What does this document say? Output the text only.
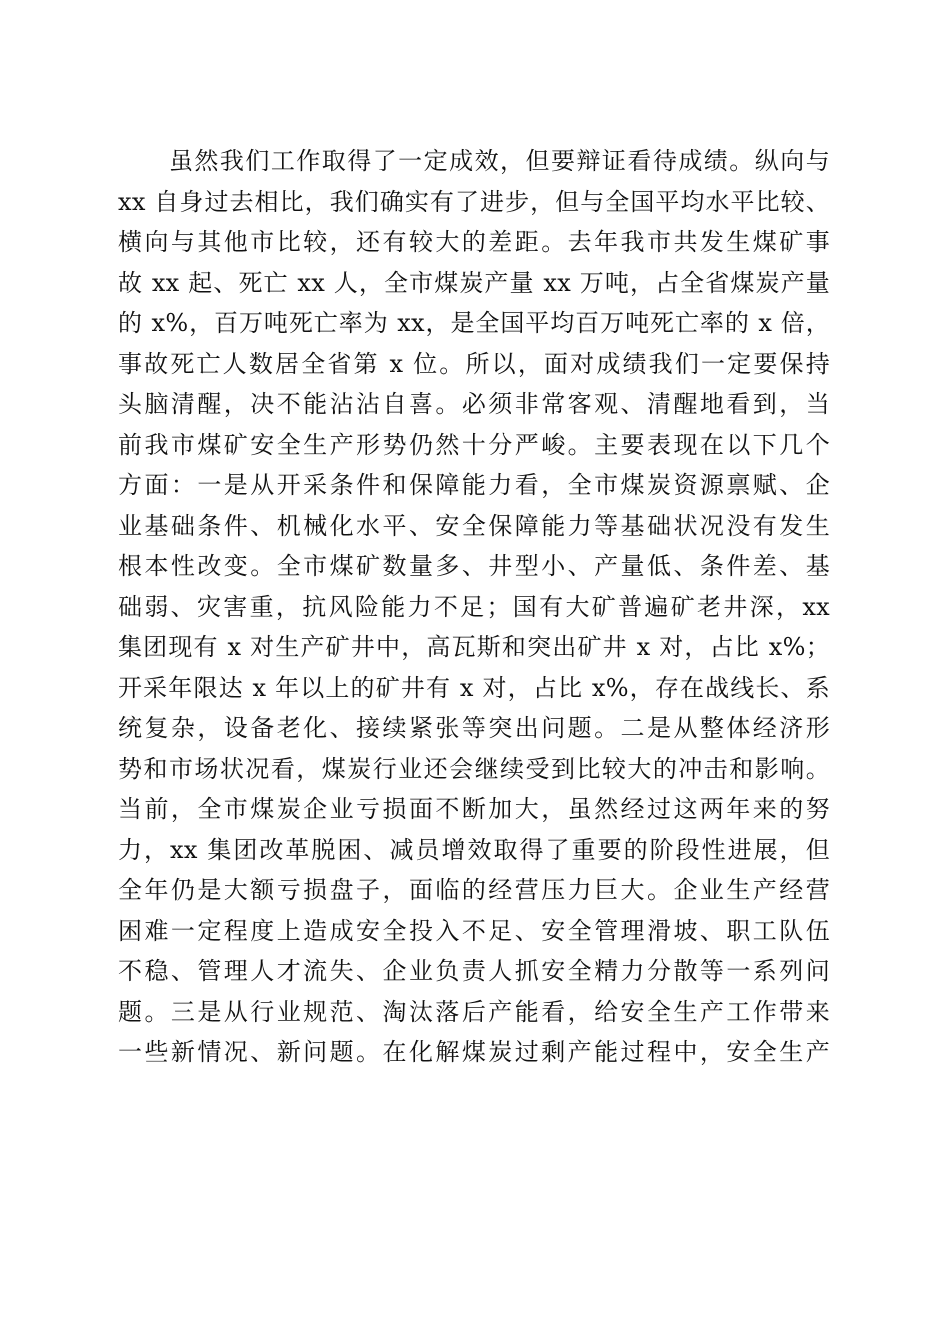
　　虽然我们工作取得了一定成效，但要辩证看待成绩。纵向与
xx 自身过去相比，我们确实有了进步，但与全国平均水平比较、
横向与其他市比较，还有较大的差距。去年我市共发生煤矿事
故 xx 起、死亡 xx 人，全市煤炭产量 xx 万吨，占全省煤炭产量
的 x%，百万吨死亡率为 xx，是全国平均百万吨死亡率的 x 倍，
事故死亡人数居全省第 x 位。所以，面对成绩我们一定要保持
头脑清醒，决不能沾沾自喜。必须非常客观、清醒地看到，当
前我市煤矿安全生产形势仍然十分严峻。主要表现在以下几个
方面：一是从开采条件和保障能力看，全市煤炭资源禀赋、企
业基础条件、机械化水平、安全保障能力等基础状况没有发生
根本性改变。全市煤矿数量多、井型小、产量低、条件差、基
础弱、灾害重，抗风险能力不足；国有大矿普遍矿老井深，xx
集团现有 x 对生产矿井中，高瓦斯和突出矿井 x 对，占比 x%；
开采年限达 x 年以上的矿井有 x 对，占比 x%，存在战线长、系
统复杂，设备老化、接续紧张等突出问题。二是从整体经济形
势和市场状况看，煤炭行业还会继续受到比较大的冲击和影响。
当前，全市煤炭企业亏损面不断加大，虽然经过这两年来的努
力，xx 集团改革脱困、减员增效取得了重要的阶段性进展，但
全年仍是大额亏损盘子，面临的经营压力巨大。企业生产经营
困难一定程度上造成安全投入不足、安全管理滑坡、职工队伍
不稳、管理人才流失、企业负责人抓安全精力分散等一系列问
题。三是从行业规范、淘汰落后产能看，给安全生产工作带来
一些新情况、新问题。在化解煤炭过剩产能过程中，安全生产
